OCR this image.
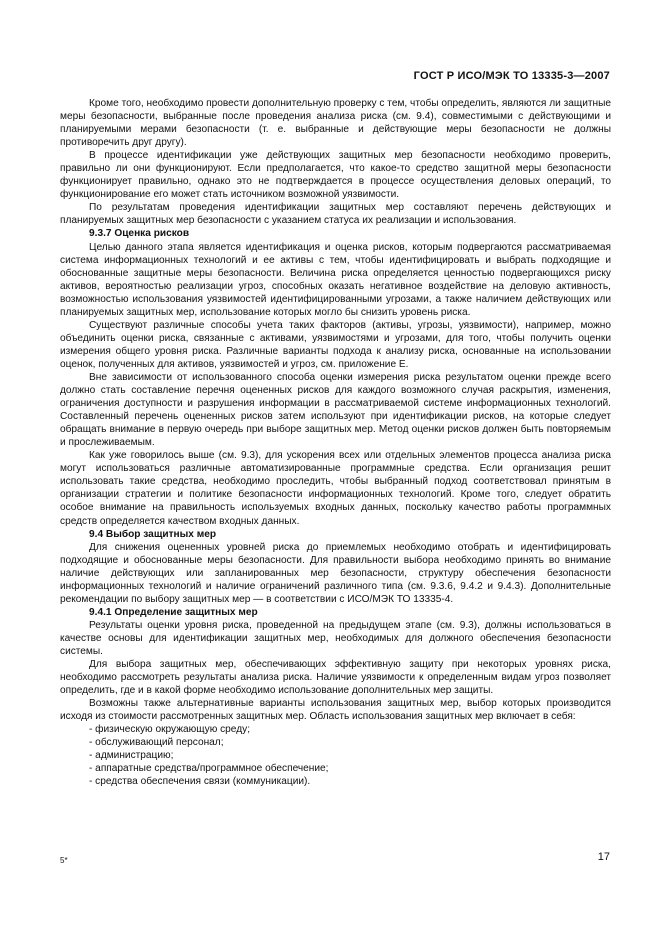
ГОСТ Р ИСО/МЭК ТО 13335-3—2007

Кроме того, необходимо провести дополнительную проверку с тем, чтобы определить, являются ли защитные меры безопасности, выбранные после проведения анализа риска (см. 9.4), совместимыми с действующими и планируемыми мерами безопасности (т. е. выбранные и действующие меры безопасности не должны противоречить друг другу).

В процессе идентификации уже действующих защитных мер безопасности необходимо проверить, правильно ли они функционируют. Если предполагается, что какое-то средство защитной меры безопасности функционирует правильно, однако это не подтверждается в процессе осуществления деловых операций, то функционирование его может стать источником возможной уязвимости.

По результатам проведения идентификации защитных мер составляют перечень действующих и планируемых защитных мер безопасности с указанием статуса их реализации и использования.

9.3.7 Оценка рисков

Целью данного этапа является идентификация и оценка рисков, которым подвергаются рассматриваемая система информационных технологий и ее активы с тем, чтобы идентифицировать и выбрать подходящие и обоснованные защитные меры безопасности. Величина риска определяется ценностью подвергающихся риску активов, вероятностью реализации угроз, способных оказать негативное воздействие на деловую активность, возможностью использования уязвимостей идентифицированными угрозами, а также наличием действующих или планируемых защитных мер, использование которых могло бы снизить уровень риска.

Существуют различные способы учета таких факторов (активы, угрозы, уязвимости), например, можно объединить оценки риска, связанные с активами, уязвимостями и угрозами, для того, чтобы получить оценки измерения общего уровня риска. Различные варианты подхода к анализу риска, основанные на использовании оценок, полученных для активов, уязвимостей и угроз, см. приложение Е.

Вне зависимости от использованного способа оценки измерения риска результатом оценки прежде всего должно стать составление перечня оцененных рисков для каждого возможного случая раскрытия, изменения, ограничения доступности и разрушения информации в рассматриваемой системе информационных технологий. Составленный перечень оцененных рисков затем используют при идентификации рисков, на которые следует обращать внимание в первую очередь при выборе защитных мер. Метод оценки рисков должен быть повторяемым и прослеживаемым.

Как уже говорилось выше (см. 9.3), для ускорения всех или отдельных элементов процесса анализа риска могут использоваться различные автоматизированные программные средства. Если организация решит использовать такие средства, необходимо проследить, чтобы выбранный подход соответствовал принятым в организации стратегии и политике безопасности информационных технологий. Кроме того, следует обратить особое внимание на правильность используемых входных данных, поскольку качество работы программных средств определяется качеством входных данных.

9.4 Выбор защитных мер

Для снижения оцененных уровней риска до приемлемых необходимо отобрать и идентифицировать подходящие и обоснованные меры безопасности. Для правильности выбора необходимо принять во внимание наличие действующих или запланированных мер безопасности, структуру обеспечения безопасности информационных технологий и наличие ограничений различного типа (см. 9.3.6, 9.4.2 и 9.4.3). Дополнительные рекомендации по выбору защитных мер — в соответствии с ИСО/МЭК ТО 13335-4.

9.4.1 Определение защитных мер

Результаты оценки уровня риска, проведенной на предыдущем этапе (см. 9.3), должны использоваться в качестве основы для идентификации защитных мер, необходимых для должного обеспечения безопасности системы.

Для выбора защитных мер, обеспечивающих эффективную защиту при некоторых уровнях риска, необходимо рассмотреть результаты анализа риска. Наличие уязвимости к определенным видам угроз позволяет определить, где и в какой форме необходимо использование дополнительных мер защиты.

Возможны также альтернативные варианты использования защитных мер, выбор которых производится исходя из стоимости рассмотренных защитных мер. Область использования защитных мер включает в себя:

- физическую окружающую среду;
- обслуживающий персонал;
- администрацию;
- аппаратные средства/программное обеспечение;
- средства обеспечения связи (коммуникации).
5*	17
